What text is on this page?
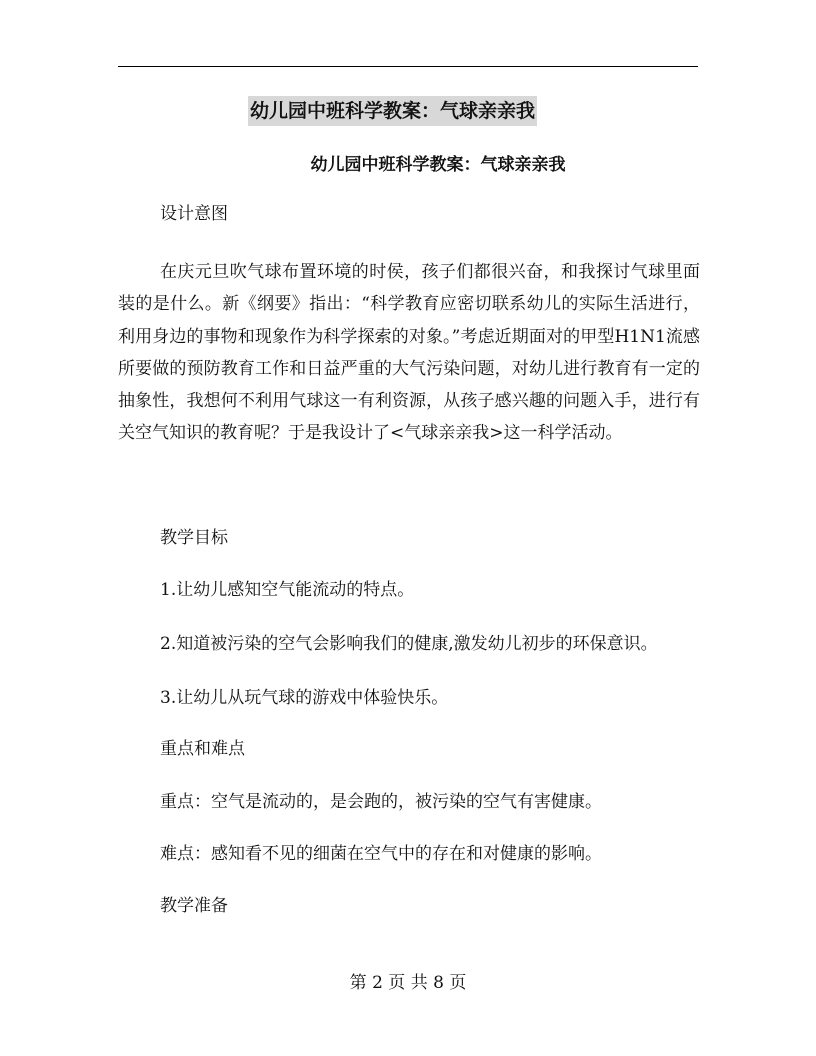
幼儿园中班科学教案：气球亲亲我
幼儿园中班科学教案：气球亲亲我
设计意图
在庆元旦吹气球布置环境的时侯，孩子们都很兴奋，和我探讨气球里面装的是什么。新《纲要》指出：“科学教育应密切联系幼儿的实际生活进行，利用身边的事物和现象作为科学探索的对象。”考虑近期面对的甲型H1N1流感所要做的预防教育工作和日益严重的大气污染问题，对幼儿进行教育有一定的抽象性，我想何不利用气球这一有利资源，从孩子感兴趣的问题入手，进行有关空气知识的教育呢？于是我设计了<气球亲亲我>这一科学活动。
教学目标
1.让幼儿感知空气能流动的特点。
2.知道被污染的空气会影响我们的健康,激发幼儿初步的环保意识。
3.让幼儿从玩气球的游戏中体验快乐。
重点和难点
重点：空气是流动的，是会跑的，被污染的空气有害健康。
难点：感知看不见的细菌在空气中的存在和对健康的影响。
教学准备
第 2 页 共 8 页
